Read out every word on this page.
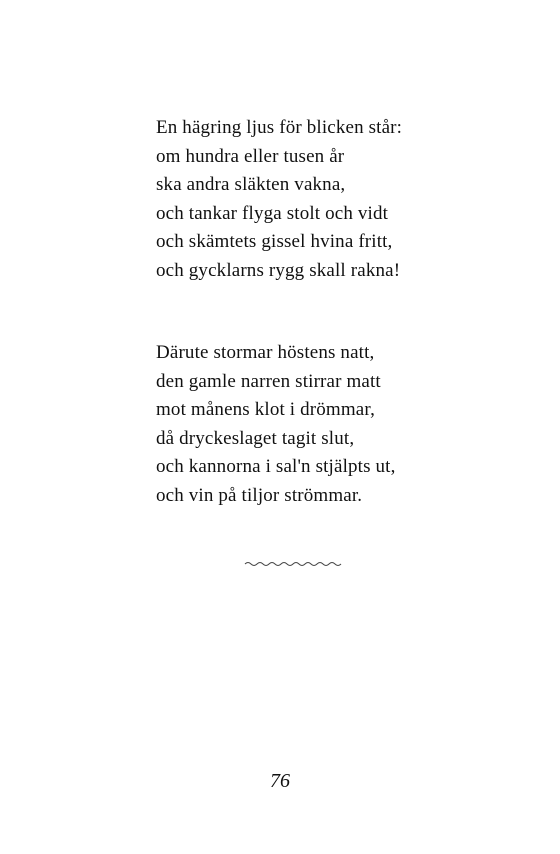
En hägring ljus för blicken står:
om hundra eller tusen år
ska andra släkten vakna,
och tankar flyga stolt och vidt
och skämtets gissel hvina fritt,
och gycklarns rygg skall rakna!
Därute stormar höstens natt,
den gamle narren stirrar matt
mot månens klot i drömmar,
då dryckeslaget tagit slut,
och kannorna i sal'n stjälpts ut,
och vin på tiljor strömmar.
76
